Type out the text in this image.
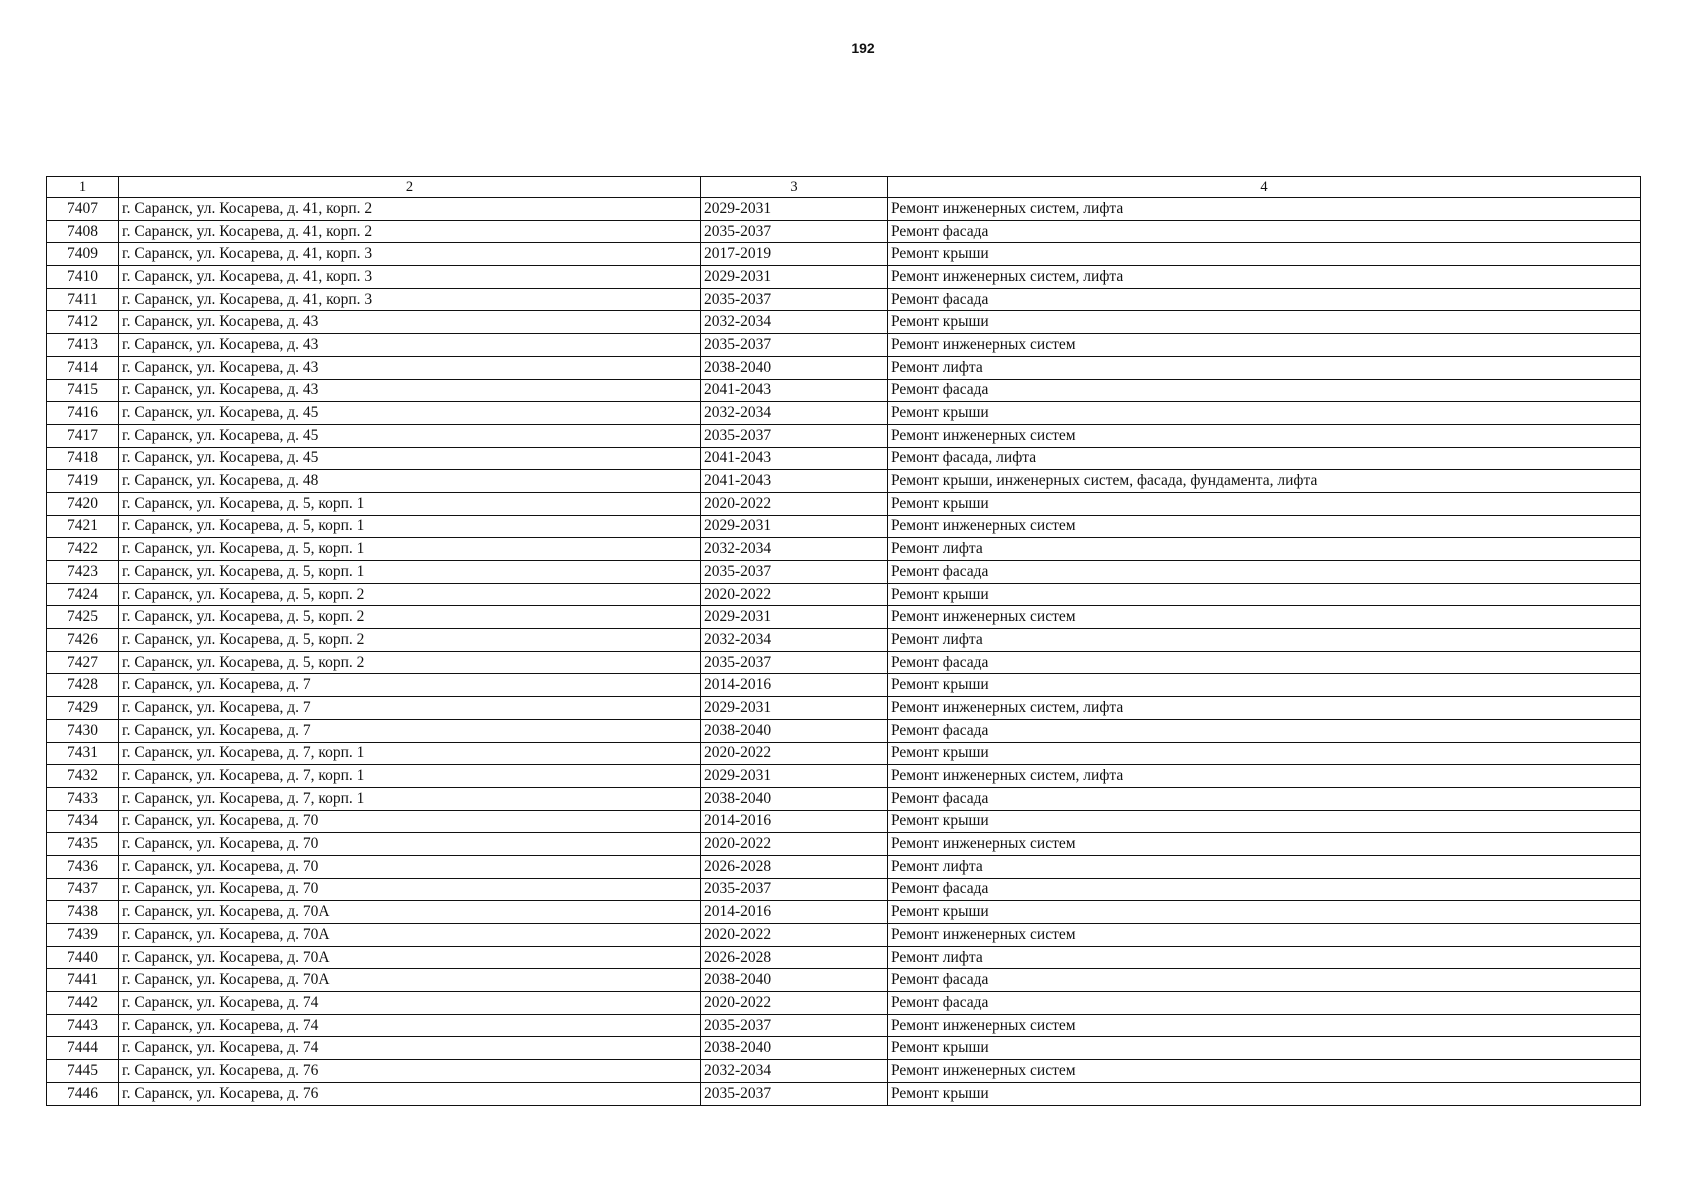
192
1	2	3	4
7407	г. Саранск, ул. Косарева, д. 41, корп. 2	2029-2031	Ремонт инженерных систем, лифта
7408	г. Саранск, ул. Косарева, д. 41, корп. 2	2035-2037	Ремонт фасада
7409	г. Саранск, ул. Косарева, д. 41, корп. 3	2017-2019	Ремонт крыши
7410	г. Саранск, ул. Косарева, д. 41, корп. 3	2029-2031	Ремонт инженерных систем, лифта
7411	г. Саранск, ул. Косарева, д. 41, корп. 3	2035-2037	Ремонт фасада
7412	г. Саранск, ул. Косарева, д. 43	2032-2034	Ремонт крыши
7413	г. Саранск, ул. Косарева, д. 43	2035-2037	Ремонт инженерных систем
7414	г. Саранск, ул. Косарева, д. 43	2038-2040	Ремонт лифта
7415	г. Саранск, ул. Косарева, д. 43	2041-2043	Ремонт фасада
7416	г. Саранск, ул. Косарева, д. 45	2032-2034	Ремонт крыши
7417	г. Саранск, ул. Косарева, д. 45	2035-2037	Ремонт инженерных систем
7418	г. Саранск, ул. Косарева, д. 45	2041-2043	Ремонт фасада, лифта
7419	г. Саранск, ул. Косарева, д. 48	2041-2043	Ремонт крыши, инженерных систем, фасада, фундамента, лифта
7420	г. Саранск, ул. Косарева, д. 5, корп. 1	2020-2022	Ремонт крыши
7421	г. Саранск, ул. Косарева, д. 5, корп. 1	2029-2031	Ремонт инженерных систем
7422	г. Саранск, ул. Косарева, д. 5, корп. 1	2032-2034	Ремонт лифта
7423	г. Саранск, ул. Косарева, д. 5, корп. 1	2035-2037	Ремонт фасада
7424	г. Саранск, ул. Косарева, д. 5, корп. 2	2020-2022	Ремонт крыши
7425	г. Саранск, ул. Косарева, д. 5, корп. 2	2029-2031	Ремонт инженерных систем
7426	г. Саранск, ул. Косарева, д. 5, корп. 2	2032-2034	Ремонт лифта
7427	г. Саранск, ул. Косарева, д. 5, корп. 2	2035-2037	Ремонт фасада
7428	г. Саранск, ул. Косарева, д. 7	2014-2016	Ремонт крыши
7429	г. Саранск, ул. Косарева, д. 7	2029-2031	Ремонт инженерных систем, лифта
7430	г. Саранск, ул. Косарева, д. 7	2038-2040	Ремонт фасада
7431	г. Саранск, ул. Косарева, д. 7, корп. 1	2020-2022	Ремонт крыши
7432	г. Саранск, ул. Косарева, д. 7, корп. 1	2029-2031	Ремонт инженерных систем, лифта
7433	г. Саранск, ул. Косарева, д. 7, корп. 1	2038-2040	Ремонт фасада
7434	г. Саранск, ул. Косарева, д. 70	2014-2016	Ремонт крыши
7435	г. Саранск, ул. Косарева, д. 70	2020-2022	Ремонт инженерных систем
7436	г. Саранск, ул. Косарева, д. 70	2026-2028	Ремонт лифта
7437	г. Саранск, ул. Косарева, д. 70	2035-2037	Ремонт фасада
7438	г. Саранск, ул. Косарева, д. 70А	2014-2016	Ремонт крыши
7439	г. Саранск, ул. Косарева, д. 70А	2020-2022	Ремонт инженерных систем
7440	г. Саранск, ул. Косарева, д. 70А	2026-2028	Ремонт лифта
7441	г. Саранск, ул. Косарева, д. 70А	2038-2040	Ремонт фасада
7442	г. Саранск, ул. Косарева, д. 74	2020-2022	Ремонт фасада
7443	г. Саранск, ул. Косарева, д. 74	2035-2037	Ремонт инженерных систем
7444	г. Саранск, ул. Косарева, д. 74	2038-2040	Ремонт крыши
7445	г. Саранск, ул. Косарева, д. 76	2032-2034	Ремонт инженерных систем
7446	г. Саранск, ул. Косарева, д. 76	2035-2037	Ремонт крыши
